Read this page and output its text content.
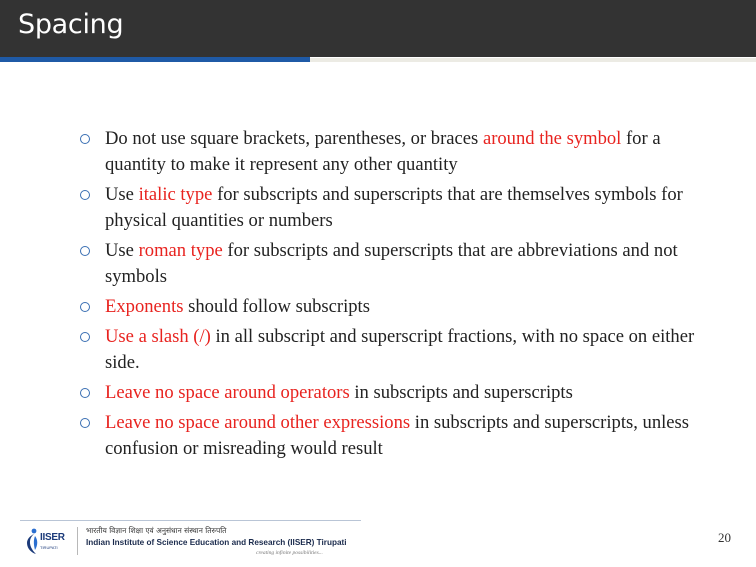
Spacing
Do not use square brackets, parentheses, or braces around the symbol for a quantity to make it represent any other quantity
Use italic type for subscripts and superscripts that are themselves symbols for physical quantities or numbers
Use roman type for subscripts and superscripts that are abbreviations and not symbols
Exponents should follow subscripts
Use a slash (/) in all subscript and superscript fractions, with no space on either side.
Leave no space around operators in subscripts and superscripts
Leave no space around other expressions in subscripts and superscripts, unless confusion or misreading would result
IISER
TIRUPATI
भारतीय विज्ञान शिक्षा एवं अनुसंधान संस्थान तिरुपति
Indian Institute of Science Education and Research (IISER) Tirupati
creating infinite possibilities...
20
